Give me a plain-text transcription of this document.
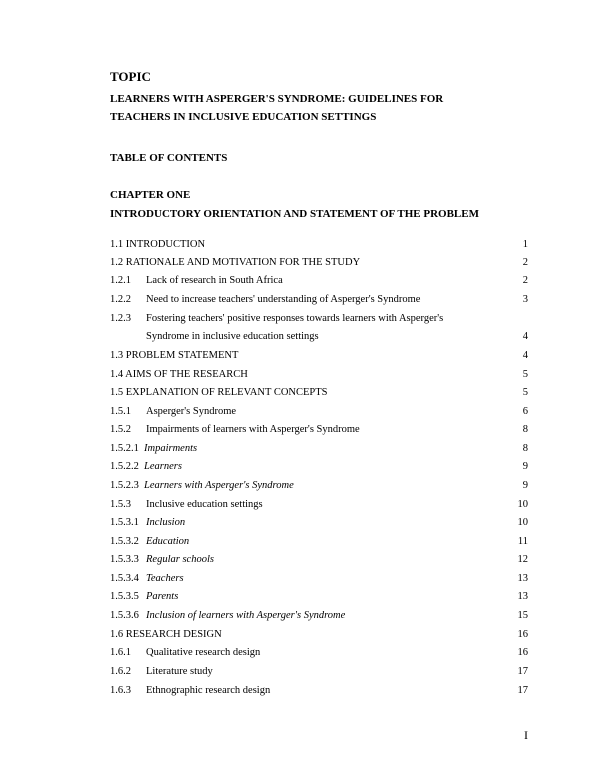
TOPIC
LEARNERS WITH ASPERGER'S SYNDROME: GUIDELINES FOR
TEACHERS IN INCLUSIVE EDUCATION SETTINGS
TABLE OF CONTENTS
CHAPTER ONE
INTRODUCTORY ORIENTATION AND STATEMENT OF THE PROBLEM
1.1 INTRODUCTION	1
1.2 RATIONALE AND MOTIVATION FOR THE STUDY	2
1.2.1 Lack of research in South Africa	2
1.2.2 Need to increase teachers' understanding of Asperger's Syndrome	3
1.2.3 Fostering teachers' positive responses towards learners with Asperger's
Syndrome in inclusive education settings	4
1.3 PROBLEM STATEMENT	4
1.4 AIMS OF THE RESEARCH	5
1.5 EXPLANATION OF RELEVANT CONCEPTS	5
1.5.1 Asperger's Syndrome	6
1.5.2 Impairments of learners with Asperger's Syndrome	8
1.5.2.1 Impairments	8
1.5.2.2 Learners	9
1.5.2.3 Learners with Asperger's Syndrome	9
1.5.3 Inclusive education settings	10
1.5.3.1 Inclusion	10
1.5.3.2 Education	11
1.5.3.3 Regular schools	12
1.5.3.4 Teachers	13
1.5.3.5 Parents	13
1.5.3.6 Inclusion of learners with Asperger's Syndrome	15
1.6 RESEARCH DESIGN	16
1.6.1 Qualitative research design	16
1.6.2 Literature study	17
1.6.3 Ethnographic research design	17
I
